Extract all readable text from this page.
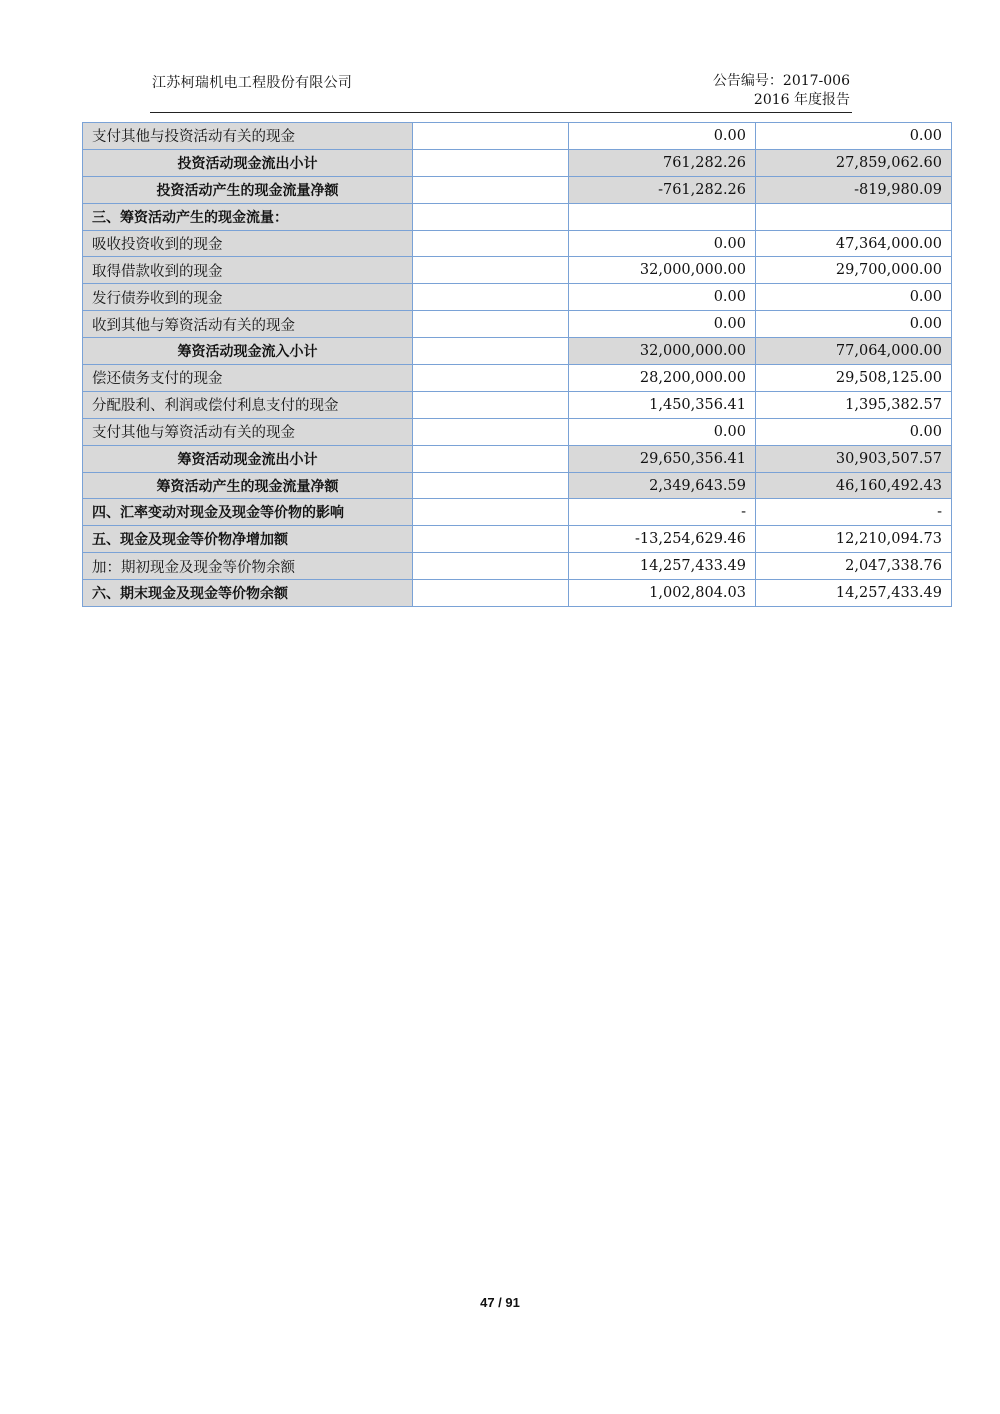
江苏柯瑞机电工程股份有限公司	公告编号：2017-006
2016 年度报告
支付其他与投资活动有关的现金		0.00	0.00
投资活动现金流出小计		761,282.26	27,859,062.60
投资活动产生的现金流量净额		-761,282.26	-819,980.09
三、筹资活动产生的现金流量：			
吸收投资收到的现金		0.00	47,364,000.00
取得借款收到的现金		32,000,000.00	29,700,000.00
发行债券收到的现金		0.00	0.00
收到其他与筹资活动有关的现金		0.00	0.00
筹资活动现金流入小计		32,000,000.00	77,064,000.00
偿还债务支付的现金		28,200,000.00	29,508,125.00
分配股利、利润或偿付利息支付的现金		1,450,356.41	1,395,382.57
支付其他与筹资活动有关的现金		0.00	0.00
筹资活动现金流出小计		29,650,356.41	30,903,507.57
筹资活动产生的现金流量净额		2,349,643.59	46,160,492.43
四、汇率变动对现金及现金等价物的影响		-	-
五、现金及现金等价物净增加额		-13,254,629.46	12,210,094.73
加：期初现金及现金等价物余额		14,257,433.49	2,047,338.76
六、期末现金及现金等价物余额		1,002,804.03	14,257,433.49
47 / 91
